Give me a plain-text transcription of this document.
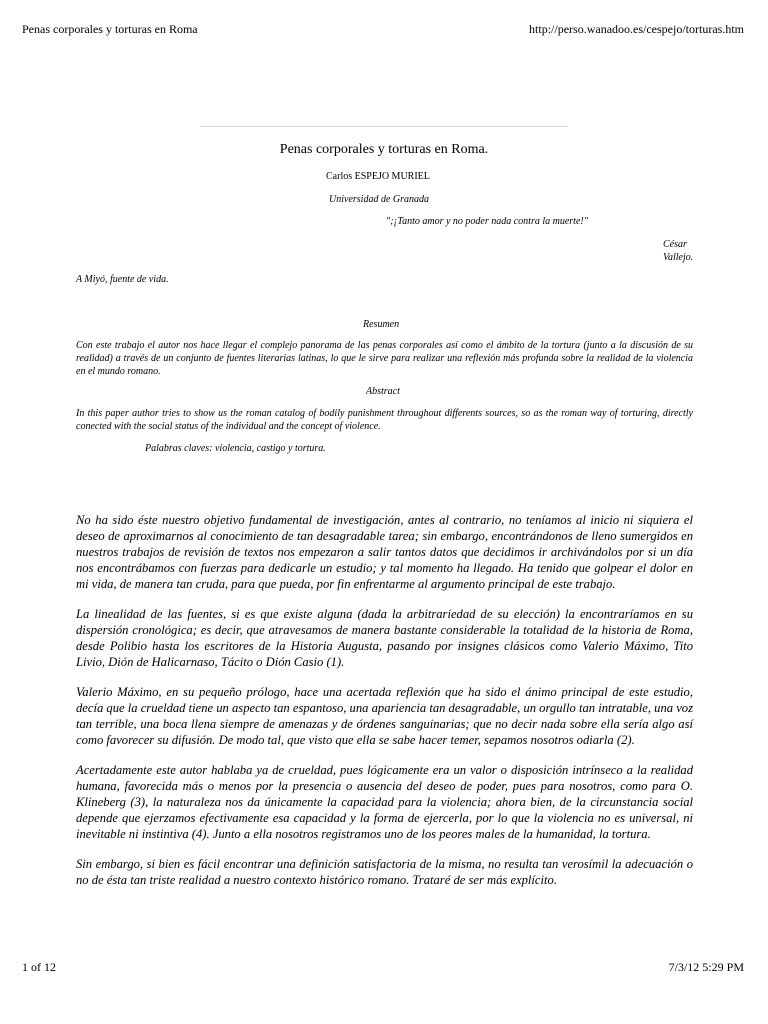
Penas corporales y torturas en Roma	http://perso.wanadoo.es/cespejo/torturas.htm
Penas corporales y torturas en Roma.
Carlos ESPEJO MURIEL
Universidad de Granada
";¡Tanto amor y no poder nada contra la muerte!"
César
Vallejo.
A Miyó, fuente de vida.
Resumen
Con este trabajo el autor nos hace llegar el complejo panorama de las penas corporales así como el ámbito de la tortura (junto a la discusión de su realidad) a través de un conjunto de fuentes literarias latinas, lo que le sirve para realizar una reflexión más profunda sobre la realidad de la violencia en el mundo romano.
Abstract
In this paper author tries to show us the roman catalog of bodily punishment throughout differents sources, so as the roman way of torturing, directly conected with the social status of the individual and the concept of violence.
Palabras claves: violencia, castigo y tortura.

No ha sido éste nuestro objetivo fundamental de investigación, antes al contrario, no teníamos al inicio ni siquiera el deseo de aproximarnos al conocimiento de tan desagradable tarea; sin embargo, encontrándonos de lleno sumergidos en nuestros trabajos de revisión de textos nos empezaron a salir tantos datos que decidimos ir archivándolos por si un día nos encontrábamos con fuerzas para dedicarle un estudio; y tal momento ha llegado. Ha tenido que golpear el dolor en mi vida, de manera tan cruda, para que pueda, por fin enfrentarme al argumento principal de este trabajo.

La linealidad de las fuentes, si es que existe alguna (dada la arbitrariedad de su elección) la encontraríamos en su dispersión cronológica; es decir, que atravesamos de manera bastante considerable la totalidad de la historia de Roma, desde Polibio hasta los escritores de la Historia Augusta, pasando por insignes clásicos como Valerio Máximo, Tito Livio, Dión de Halicarnaso, Tácito o Dión Casio (1).

Valerio Máximo, en su pequeño prólogo, hace una acertada reflexión que ha sido el ánimo principal de este estudio, decía que la crueldad tiene un aspecto tan espantoso, una apariencia tan desagradable, un orgullo tan intratable, una voz tan terrible, una boca llena siempre de amenazas y de órdenes sanguinarias; que no decir nada sobre ella sería algo así como favorecer su difusión. De modo tal, que visto que ella se sabe hacer temer, sepamos nosotros odiarla (2).

Acertadamente este autor hablaba ya de crueldad, pues lógicamente era un valor o disposición intrínseco a la realidad humana, favorecida más o menos por la presencia o ausencia del deseo de poder, pues para nosotros, como para O. Klineberg (3), la naturaleza nos da únicamente la capacidad para la violencia; ahora bien, de la circunstancia social depende que ejerzamos efectivamente esa capacidad y la forma de ejercerla, por lo que la violencia no es universal, ni inevitable ni instintiva (4). Junto a ella nosotros registramos uno de los peores males de la humanidad, la tortura.

Sin embargo, si bien es fácil encontrar una definición satisfactoria de la misma, no resulta tan verosímil la adecuación o no de ésta tan triste realidad a nuestro contexto histórico romano. Trataré de ser más explícito.

1 of 12	7/3/12 5:29 PM
